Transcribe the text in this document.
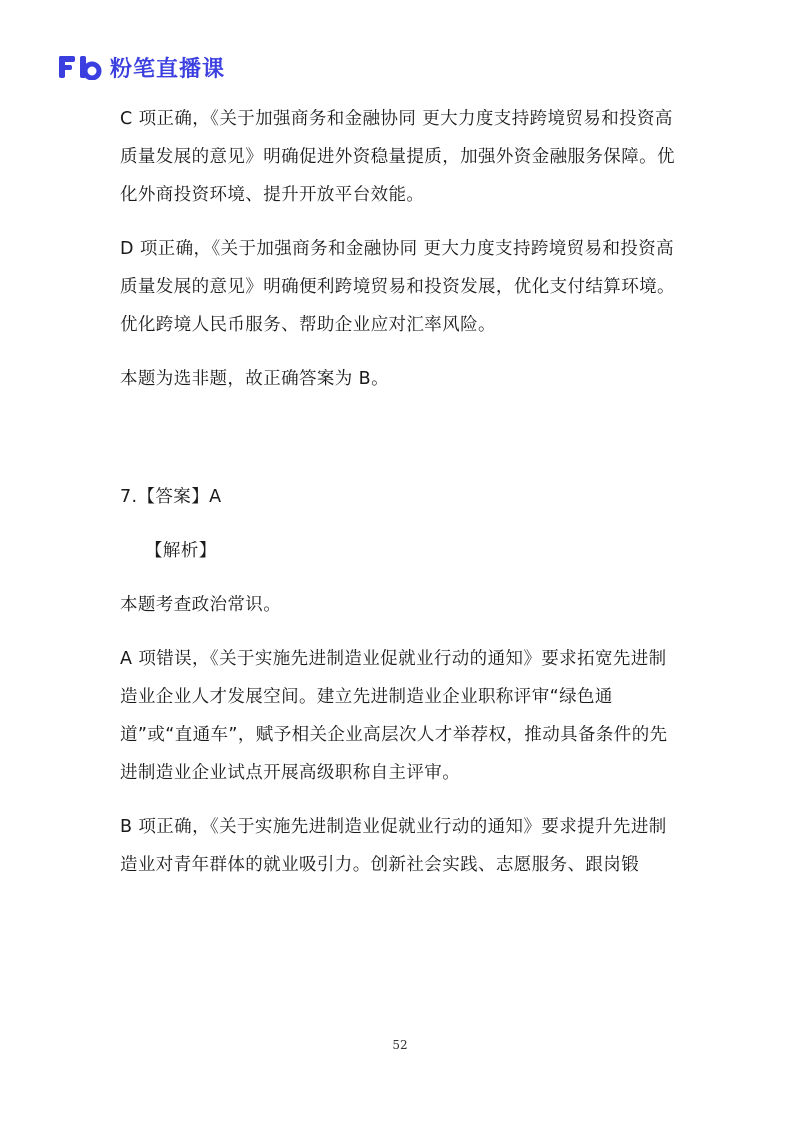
粉笔直播课

C 项正确，《关于加强商务和金融协同 更大力度支持跨境贸易和投资高质量发展的意见》明确促进外资稳量提质，加强外资金融服务保障。优化外商投资环境、提升开放平台效能。

D 项正确，《关于加强商务和金融协同 更大力度支持跨境贸易和投资高质量发展的意见》明确便利跨境贸易和投资发展，优化支付结算环境。优化跨境人民币服务、帮助企业应对汇率风险。

本题为选非题，故正确答案为 B。

7.【答案】A

【解析】

本题考查政治常识。

A 项错误，《关于实施先进制造业促就业行动的通知》要求拓宽先进制造业企业人才发展空间。建立先进制造业企业职称评审“绿色通道”或“直通车”，赋予相关企业高层次人才举荐权，推动具备条件的先进制造业企业试点开展高级职称自主评审。

B 项正确，《关于实施先进制造业促就业行动的通知》要求提升先进制造业对青年群体的就业吸引力。创新社会实践、志愿服务、跟岗锻

52
